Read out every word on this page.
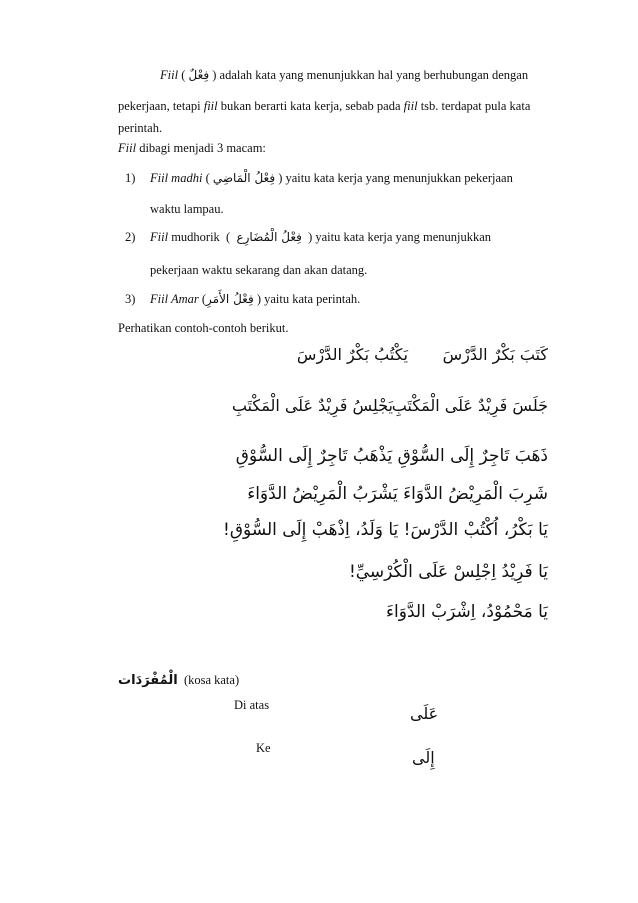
Fiil ( فِعْلٌ ) adalah kata yang menunjukkan hal yang berhubungan dengan
pekerjaan, tetapi fiil bukan berarti kata kerja, sebab pada fiil tsb. terdapat pula kata
perintah.
Fiil dibagi menjadi 3 macam:
1) Fiil madhi ( فِعْلُ الْمَاضِي ) yaitu kata kerja yang menunjukkan pekerjaan
waktu lampau.
2) Fiil mudhorik ( فِعْلُ الْمُضَارِع ) yaitu kata kerja yang menunjukkan
pekerjaan waktu sekarang dan akan datang.
3) Fiil Amar (فِعْلُ الأَمَرِ ) yaitu kata perintah.
Perhatikan contoh-contoh berikut.
كَتَبَ بَكْرٌ الدَّرْسَ
يَكْتُبُ بَكْرٌ الدَّرْسَ
جَلَسَ فَرِيْدٌ عَلَى الْمَكْتَبِ
يَجْلِسُ فَرِيْدٌ عَلَى الْمَكْتَبِ
ذَهَبَ تَاجِرٌ إِلَى السُّوْقِ يَذْهَبُ تَاجِرٌ إِلَى السُّوْقِ
شَرِبَ الْمَرِيْضُ الدَّوَاءَ يَشْرَبُ الْمَرِيْضُ الدَّوَاءَ
يَا بَكْرُ، اُكْتُبْ الدَّرْسَ! يَا وَلَدُ، اِذْهَبْ إِلَى السُّوْقِ!
يَا فَرِيْدُ اِجْلِسْ عَلَى الْكُرْسِيِّ!
يَا مَحْمُوْدُ، اِشْرَبْ الدَّوَاءَ
الْمُفْرَدَات (kosa kata)
Di atas	عَلَى
Ke	إِلَى
